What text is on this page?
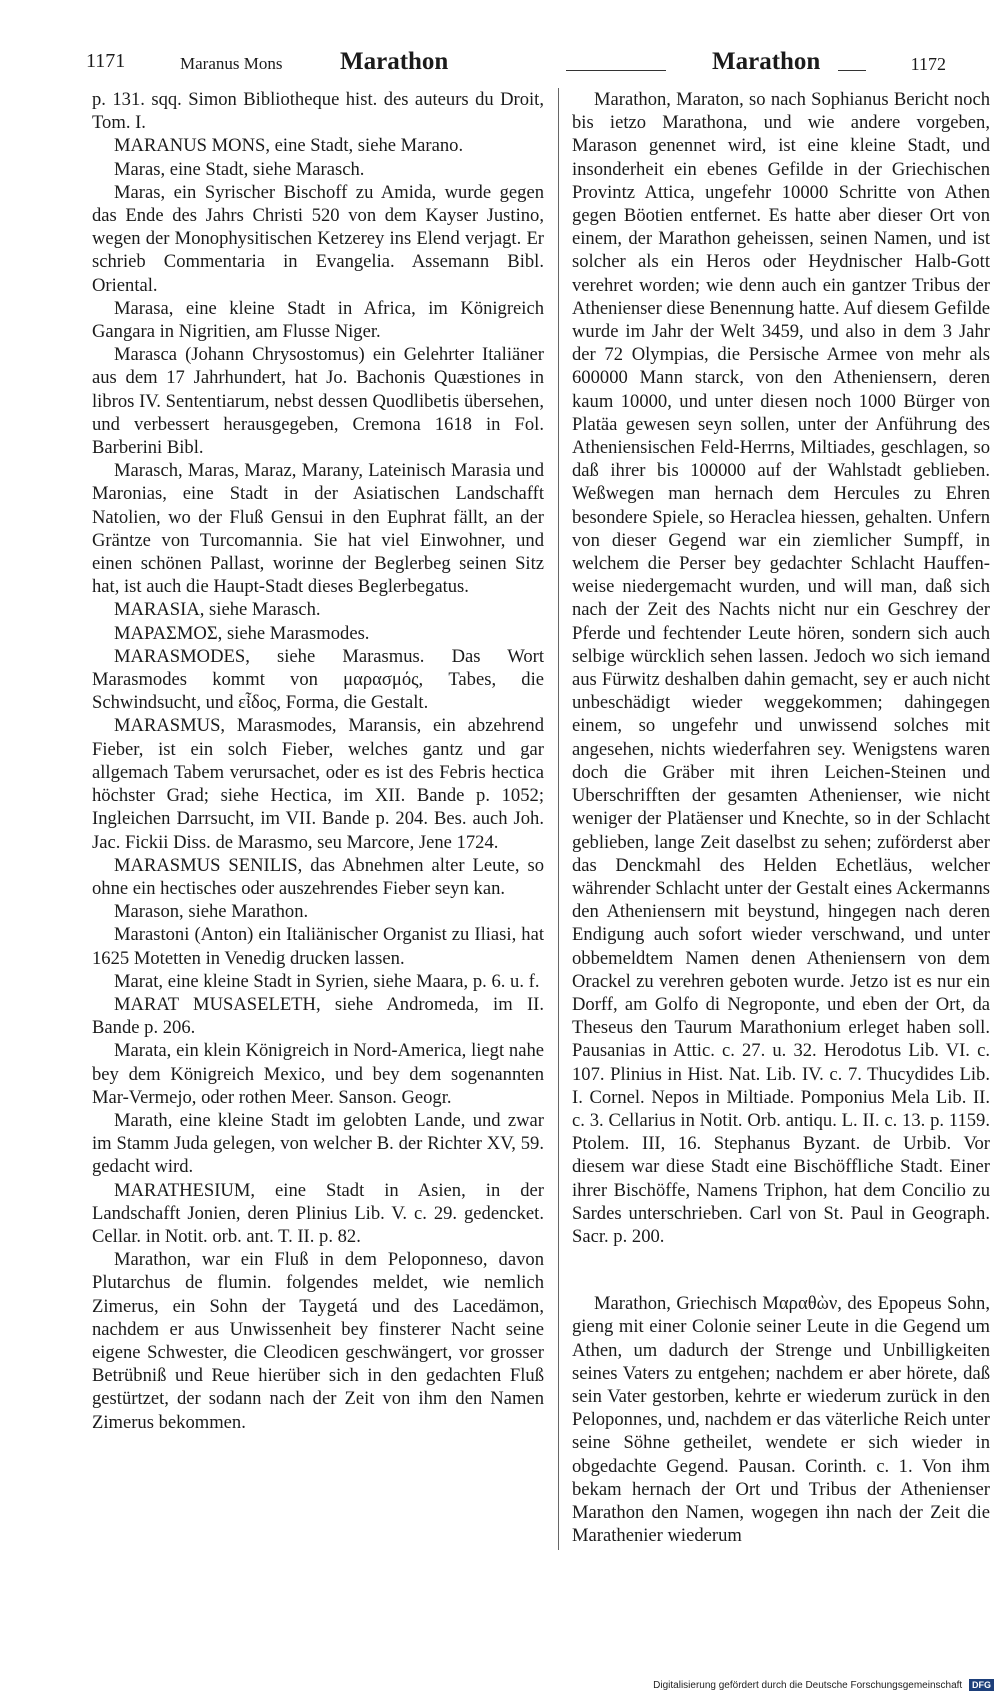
1171	Maranus Mons Marathon	Marathon	1172

p. 131. sqq. Simon Bibliotheque hist. des auteurs du Droit, Tom. I.

MARANUS MONS, eine Stadt, siehe Marano.

Maras, eine Stadt, siehe Marasch.

Maras, ein Syrischer Bischoff zu Amida, wurde gegen das Ende des Jahrs Christi 520 von dem Kayser Justino, wegen der Monophysitischen Ketzerey ins Elend verjagt. Er schrieb Commentaria in Evangelia. Assemann Bibl. Oriental.

Marasa, eine kleine Stadt in Africa, im Königreich Gangara in Nigritien, am Flusse Niger.

Marasca (Johann Chrysostomus) ein Gelehrter Italiäner aus dem 17 Jahrhundert, hat Jo. Bachonis Quæstiones in libros IV. Sententiarum, nebst dessen Quodlibetis übersehen, und verbessert herausgegeben, Cremona 1618 in Fol. Barberini Bibl.

Marasch, Maras, Maraz, Marany, Lateinisch Marasia und Maronias, eine Stadt in der Asiatischen Landschafft Natolien, wo der Fluß Gensui in den Euphrat fällt, an der Gräntze von Turcomannia. Sie hat viel Einwohner, und einen schönen Pallast, worinne der Beglerbeg seinen Sitz hat, ist auch die Haupt-Stadt dieses Beglerbegatus.

MARASIA, siehe Marasch.

ΜΑΡΑΣΜΟΣ, siehe Marasmodes.

MARASMODES, siehe Marasmus. Das Wort Marasmodes kommt von μαρασμός, Tabes, die Schwindsucht, und εἶδος, Forma, die Gestalt.

MARASMUS, Marasmodes, Maransis, ein abzehrend Fieber, ist ein solch Fieber, welches gantz und gar allgemach Tabem verursachet, oder es ist des Febris hectica höchster Grad; siehe Hectica, im XII. Bande p. 1052; Ingleichen Darrsucht, im VII. Bande p. 204. Bes. auch Joh. Jac. Fickii Diss. de Marasmo, seu Marcore, Jene 1724.

MARASMUS SENILIS, das Abnehmen alter Leute, so ohne ein hectisches oder auszehrendes Fieber seyn kan.

Marason, siehe Marathon.

Marastoni (Anton) ein Italiänischer Organist zu Iliasi, hat 1625 Motetten in Venedig drucken lassen.

Marat, eine kleine Stadt in Syrien, siehe Maara, p. 6. u. f.

MARAT MUSASELETH, siehe Andromeda, im II. Bande p. 206.

Marata, ein klein Königreich in Nord-America, liegt nahe bey dem Königreich Mexico, und bey dem sogenannten Mar-Vermejo, oder rothen Meer. Sanson. Geogr.

Marath, eine kleine Stadt im gelobten Lande, und zwar im Stamm Juda gelegen, von welcher B. der Richter XV, 59. gedacht wird.

MARATHESIUM, eine Stadt in Asien, in der Landschafft Jonien, deren Plinius Lib. V. c. 29. gedencket. Cellar. in Notit. orb. ant. T. II. p. 82.

Marathon, war ein Fluß in dem Peloponneso, davon Plutarchus de flumin. folgendes meldet, wie nemlich Zimerus, ein Sohn der Taygetá und des Lacedämon, nachdem er aus Unwissenheit bey finsterer Nacht seine eigene Schwester, die Cleodicen geschwängert, vor grosser Betrübniß und Reue hierüber sich in den gedachten Fluß gestürtzet, der sodann nach der Zeit von ihm den Namen Zimerus bekommen.

Marathon, Maraton, so nach Sophianus Bericht noch bis ietzo Marathona, und wie andere vorgeben, Marason genennet wird, ist eine kleine Stadt, und insonderheit ein ebenes Gefilde in der Griechischen Provintz Attica, ungefehr 10000 Schritte von Athen gegen Böotien entfernet. Es hatte aber dieser Ort von einem, der Marathon geheissen, seinen Namen, und ist solcher als ein Heros oder Heydnischer Halb-Gott verehret worden; wie denn auch ein gantzer Tribus der Athenienser diese Benennung hatte. Auf diesem Gefilde wurde im Jahr der Welt 3459, und also in dem 3 Jahr der 72 Olympias, die Persische Armee von mehr als 600000 Mann starck, von den Atheniensern, deren kaum 10000, und unter diesen noch 1000 Bürger von Platäa gewesen seyn sollen, unter der Anführung des Atheniensischen Feld-Herrns, Miltiades, geschlagen, so daß ihrer bis 100000 auf der Wahlstadt geblieben. Weßwegen man hernach dem Hercules zu Ehren besondere Spiele, so Heraclea hiessen, gehalten. Unfern von dieser Gegend war ein ziemlicher Sumpff, in welchem die Perser bey gedachter Schlacht Hauffen-weise niedergemacht wurden, und will man, daß sich nach der Zeit des Nachts nicht nur ein Geschrey der Pferde und fechtender Leute hören, sondern sich auch selbige würcklich sehen lassen. Jedoch wo sich iemand aus Fürwitz deshalben dahin gemacht, sey er auch nicht unbeschädigt wieder weggekommen; dahingegen einem, so ungefehr und unwissend solches mit angesehen, nichts wiederfahren sey. Wenigstens waren doch die Gräber mit ihren Leichen-Steinen und Uberschrifften der gesamten Athenienser, wie nicht weniger der Platäenser und Knechte, so in der Schlacht geblieben, lange Zeit daselbst zu sehen; zuförderst aber das Denckmahl des Helden Echetläus, welcher währender Schlacht unter der Gestalt eines Ackermanns den Atheniensern mit beystund, hingegen nach deren Endigung auch sofort wieder verschwand, und unter obbemeldtem Namen denen Atheniensern von dem Orackel zu verehren geboten wurde. Jetzo ist es nur ein Dorff, am Golfo di Negroponte, und eben der Ort, da Theseus den Taurum Marathonium erleget haben soll. Pausanias in Attic. c. 27. u. 32. Herodotus Lib. VI. c. 107. Plinius in Hist. Nat. Lib. IV. c. 7. Thucydides Lib. I. Cornel. Nepos in Miltiade. Pomponius Mela Lib. II. c. 3. Cellarius in Notit. Orb. antiqu. L. II. c. 13. p. 1159. Ptolem. III, 16. Stephanus Byzant. de Urbib. Vor diesem war diese Stadt eine Bischöffliche Stadt. Einer ihrer Bischöffe, Namens Triphon, hat dem Concilio zu Sardes unterschrieben. Carl von St. Paul in Geograph. Sacr. p. 200.

Marathon, Griechisch Μαραθὼν, des Epopeus Sohn, gieng mit einer Colonie seiner Leute in die Gegend um Athen, um dadurch der Strenge und Unbilligkeiten seines Vaters zu entgehen; nachdem er aber hörete, daß sein Vater gestorben, kehrte er wiederum zurück in den Peloponnes, und, nachdem er das väterliche Reich unter seine Söhne getheilet, wendete er sich wieder in obgedachte Gegend. Pausan. Corinth. c. 1. Von ihm bekam hernach der Ort und Tribus der Athenienser Marathon den Namen, wogegen ihn nach der Zeit die Marathenier wiederum

Digitalisierung gefördert durch die Deutsche Forschungsgemeinschaft DFG
